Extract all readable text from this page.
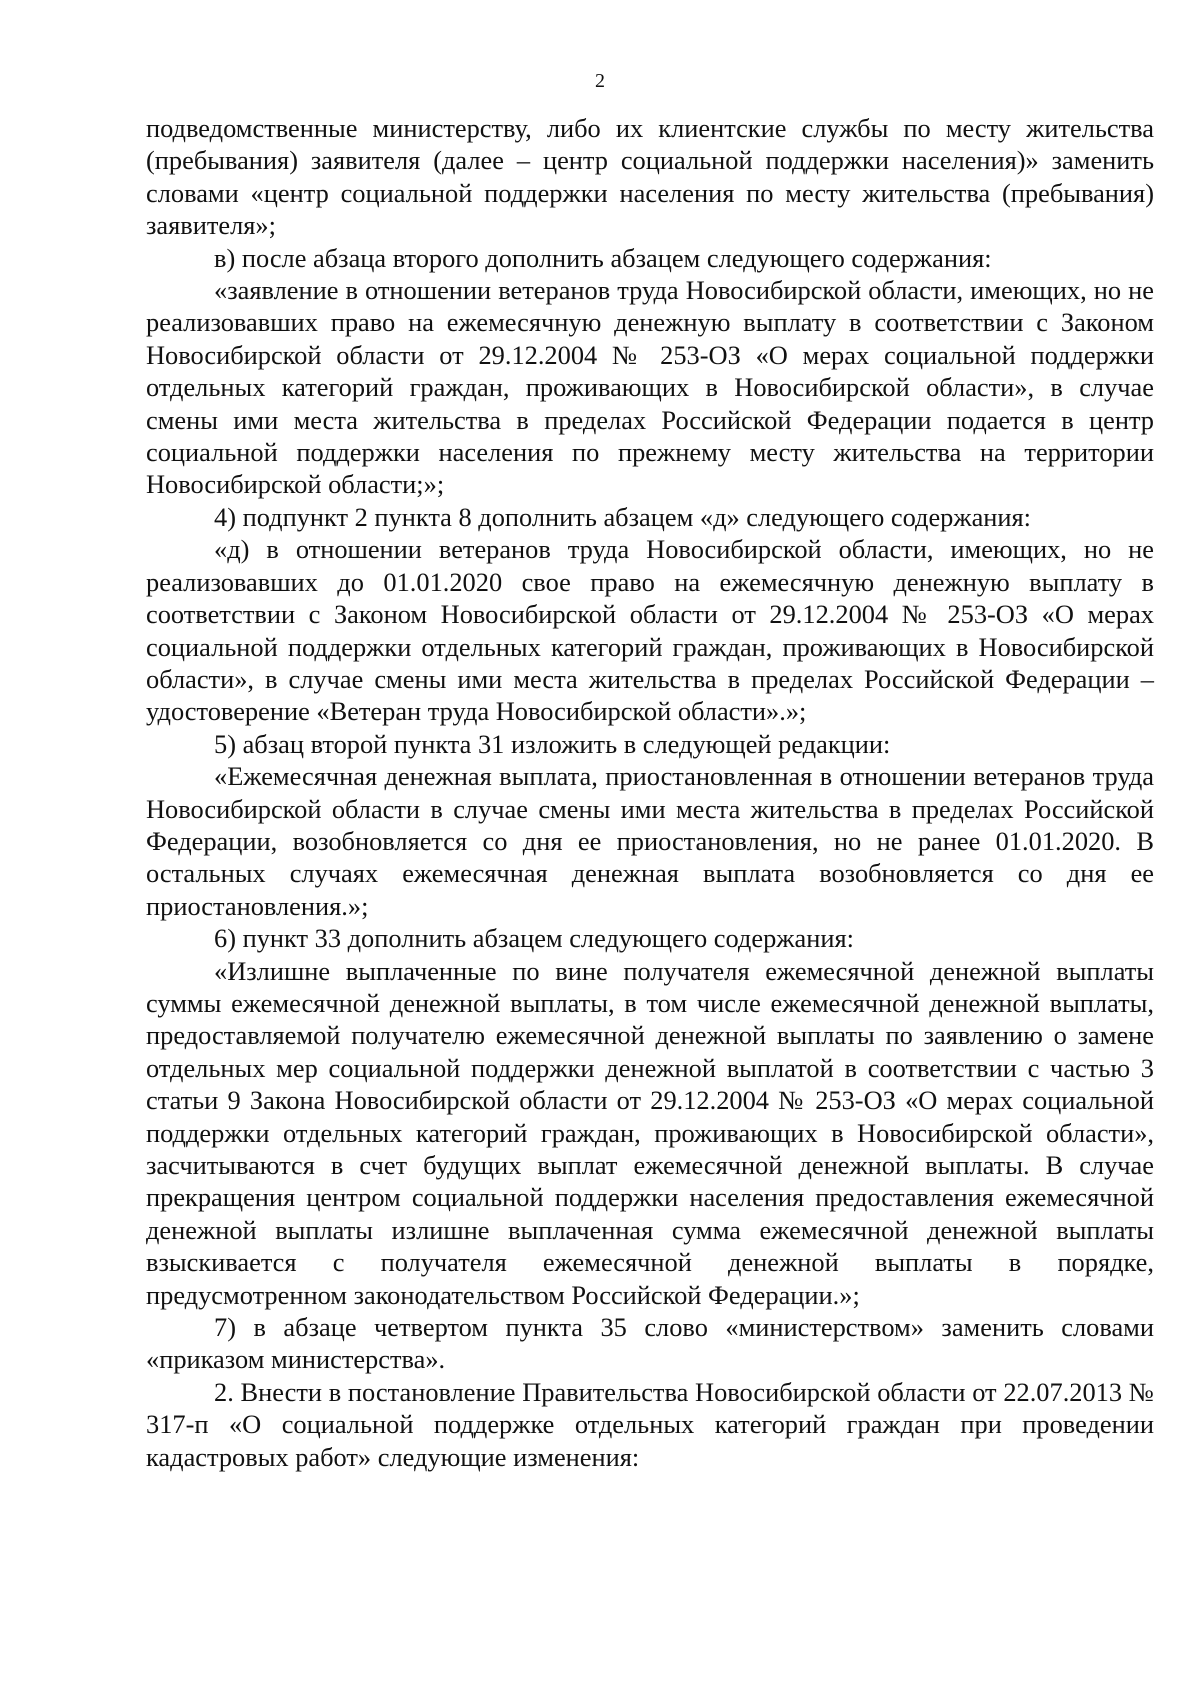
2

подведомственные министерству, либо их клиентские службы по месту жительства (пребывания) заявителя (далее – центр социальной поддержки населения)» заменить словами «центр социальной поддержки населения по месту жительства (пребывания) заявителя»;

в) после абзаца второго дополнить абзацем следующего содержания:

«заявление в отношении ветеранов труда Новосибирской области, имеющих, но не реализовавших право на ежемесячную денежную выплату в соответствии с Законом Новосибирской области от 29.12.2004 № 253-ОЗ «О мерах социальной поддержки отдельных категорий граждан, проживающих в Новосибирской области», в случае смены ими места жительства в пределах Российской Федерации подается в центр социальной поддержки населения по прежнему месту жительства на территории Новосибирской области;»;

4) подпункт 2 пункта 8 дополнить абзацем «д» следующего содержания:

«д) в отношении ветеранов труда Новосибирской области, имеющих, но не реализовавших до 01.01.2020 свое право на ежемесячную денежную выплату в соответствии с Законом Новосибирской области от 29.12.2004 № 253-ОЗ «О мерах социальной поддержки отдельных категорий граждан, проживающих в Новосибирской области», в случае смены ими места жительства в пределах Российской Федерации – удостоверение «Ветеран труда Новосибирской области».»;

5) абзац второй пункта 31 изложить в следующей редакции:

«Ежемесячная денежная выплата, приостановленная в отношении ветеранов труда Новосибирской области в случае смены ими места жительства в пределах Российской Федерации, возобновляется со дня ее приостановления, но не ранее 01.01.2020. В остальных случаях ежемесячная денежная выплата возобновляется со дня ее приостановления.»;

6) пункт 33 дополнить абзацем следующего содержания:

«Излишне выплаченные по вине получателя ежемесячной денежной выплаты суммы ежемесячной денежной выплаты, в том числе ежемесячной денежной выплаты, предоставляемой получателю ежемесячной денежной выплаты по заявлению о замене отдельных мер социальной поддержки денежной выплатой в соответствии с частью 3 статьи 9 Закона Новосибирской области от 29.12.2004 № 253-ОЗ «О мерах социальной поддержки отдельных категорий граждан, проживающих в Новосибирской области», засчитываются в счет будущих выплат ежемесячной денежной выплаты. В случае прекращения центром социальной поддержки населения предоставления ежемесячной денежной выплаты излишне выплаченная сумма ежемесячной денежной выплаты взыскивается с получателя ежемесячной денежной выплаты в порядке, предусмотренном законодательством Российской Федерации.»;

7) в абзаце четвертом пункта 35 слово «министерством» заменить словами «приказом министерства».

2. Внести в постановление Правительства Новосибирской области от 22.07.2013 № 317-п «О социальной поддержке отдельных категорий граждан при проведении кадастровых работ» следующие изменения:
